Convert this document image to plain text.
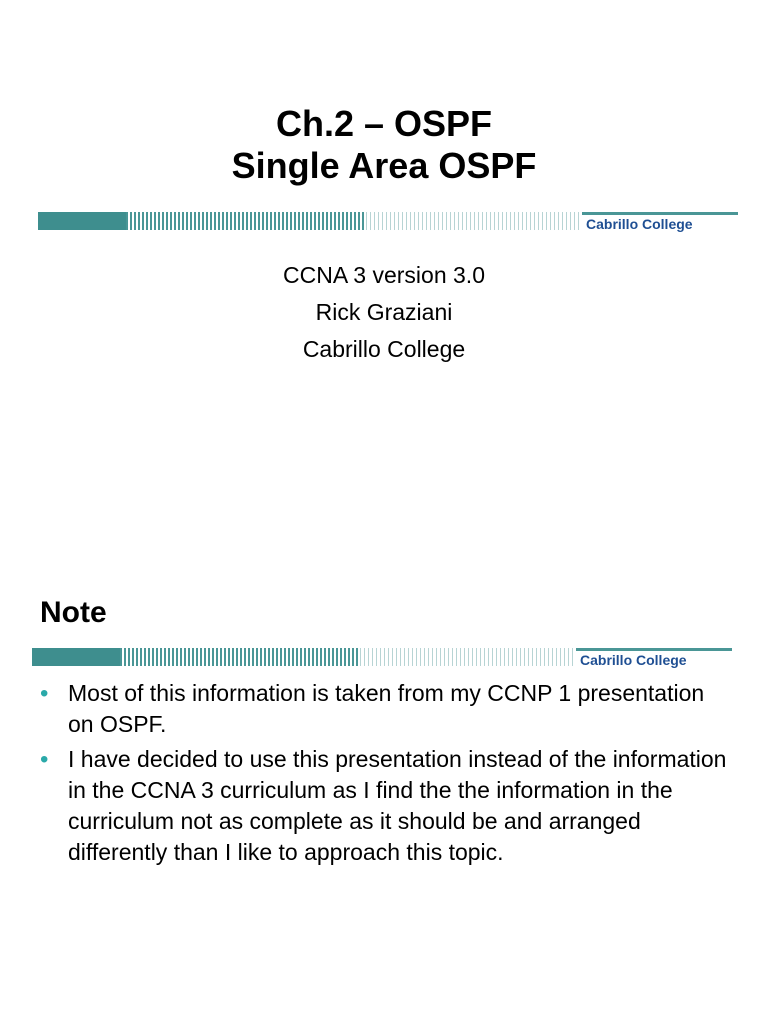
Ch.2 – OSPF
Single Area OSPF
Cabrillo College
CCNA 3 version 3.0
Rick Graziani
Cabrillo College
Note
Cabrillo College
• Most of this information is taken from my CCNP 1 presentation on OSPF.
• I have decided to use this presentation instead of the information in the CCNA 3 curriculum as I find the the information in the curriculum not as complete as it should be and arranged differently than I like to approach this topic.
